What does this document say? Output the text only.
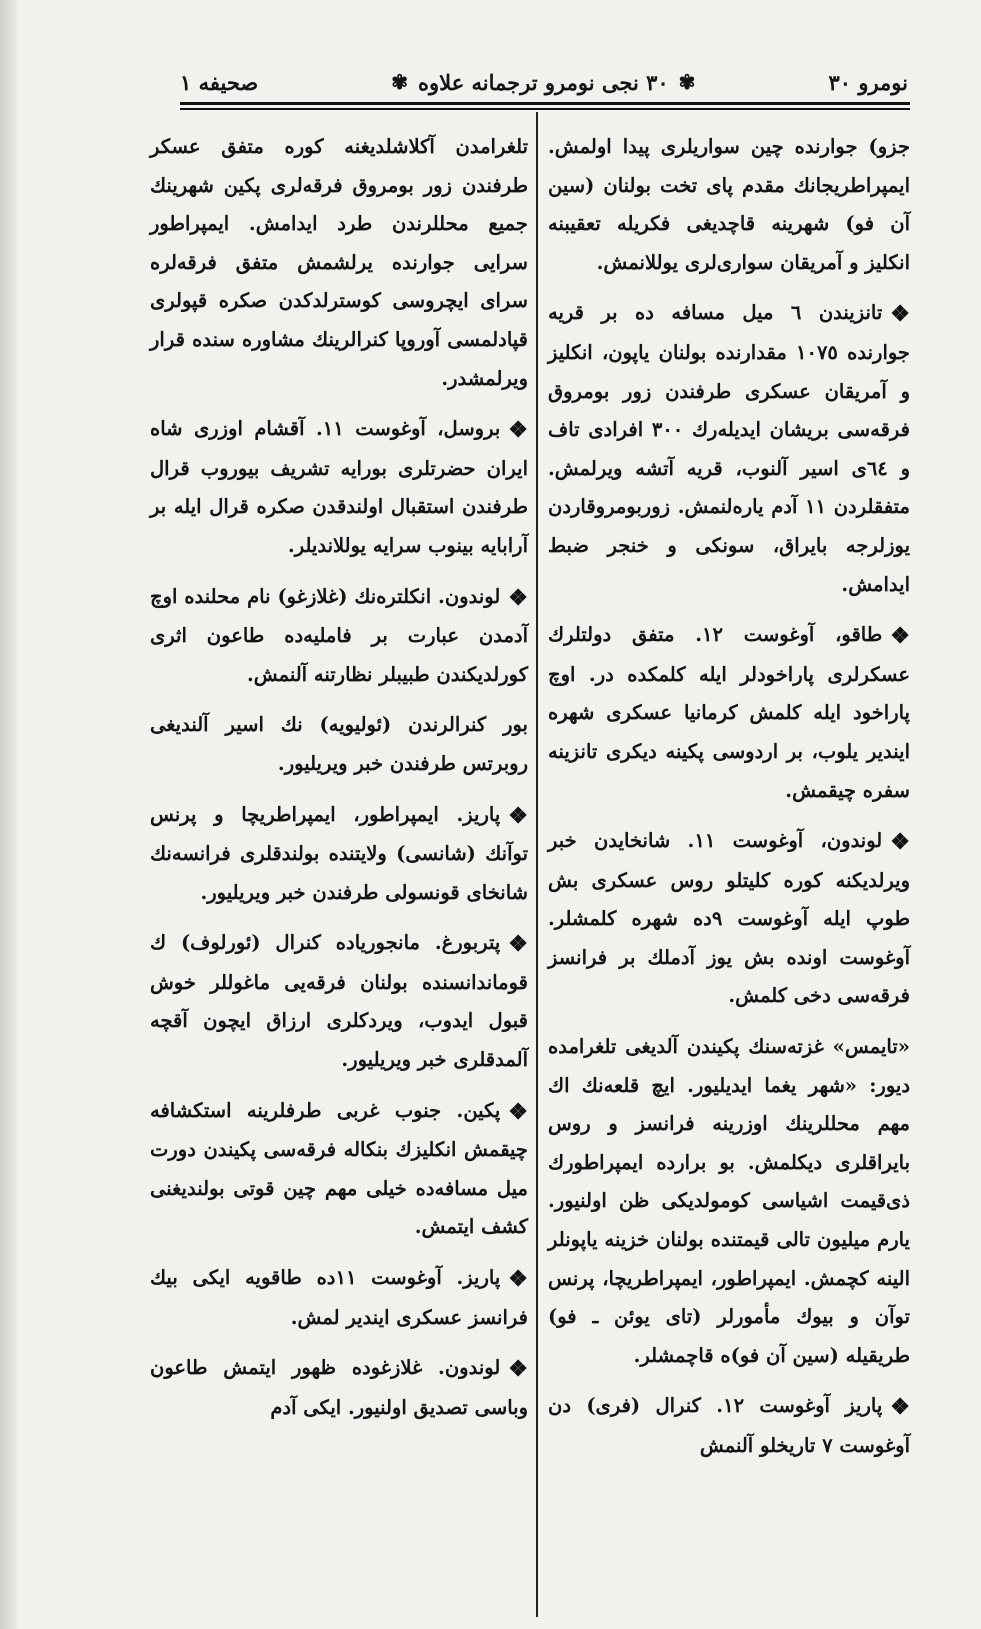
نومرو ٣٠
✾
٣٠ نجى نومرو ترجمانه علاوه
✾
صحيفه ١

جزو) جوارنده چين سواريلرى پيدا اولمش. ايمپراطريجانك مقدم پاى تخت بولنان (سين آن فو) شهرينه قاچديغى فكريله تعقيبنه انكليز و آمريقان سوارى‌لرى يوللانمش.

❖تانزيندن ٦ ميل مسافه ده بر قريه جوارنده ١٠٧٥ مقدارنده بولنان ياپون، انكليز و آمريقان عسكرى طرفندن زور بومروق فرقه‌سى بريشان ايديله‌رك ٣٠٠ افرادى تاف و ٦٤ى اسير آلنوب، قريه آتشه ويرلمش. متفقلردن ١١ آدم ياره‌لنمش. زوربومروقاردن يوزلرجه بايراق، سونكى و خنجر ضبط ايدامش.

❖طاقو، آوغوست ١٢. متفق دولتلرك عسكرلرى پاراخودلر ايله كلمكده در. اوچ پاراخود ايله كلمش كرمانيا عسكرى شهره ايندير يلوب، بر اردوسى پكينه ديكرى تانزينه سفره چيقمش.

❖لوندون، آوغوست ١١. شانخايدن خبر ويرلديكنه كوره كليتلو روس عسكرى بش طوپ ايله آوغوست ٩ده شهره كلمشلر. آوغوست اونده بش يوز آدملك بر فرانسز فرقه‌سى دخى كلمش.

«تايمس» غزته‌سنك پكيندن آلديغى تلغرامده ديور: «شهر يغما ايديليور. ايچ قلعه‌نك اك مهم محللرينك اوزرينه فرانسز و روس بايراقلرى ديكلمش. بو برارده ايمپراطورك ذى‌قيمت اشياسى كومولديكى ظن اولنيور. يارم ميليون تالى قيمتنده بولنان خزينه ياپونلر الينه كچمش. ايمپراطور، ايمپراطريچا، پرنس توآن و بيوك مأمورلر (تاى يوئن ـ فو) طريقيله (سين آن فو)ه قاچمشلر.

❖پاريز آوغوست ١٢. كنرال (فرى) دن آوغوست ٧ تاريخلو آلنمش

تلغرامدن آكلاشلديغنه كوره متفق عسكر طرفندن زور بومروق فرقه‌لرى پكين شهرينك جميع محللرندن طرد ايدامش. ايمپراطور سرايى جوارنده يرلشمش متفق فرقه‌لره سراى ايچروسى كوسترلدكدن صكره قپولرى قپادلمسى آوروپا كنرالرينك مشاوره سنده قرار ويرلمشدر.

❖بروسل، آوغوست ١١. آقشام اوزرى شاه ايران حضرتلرى بورايه تشريف بيوروب قرال طرفندن استقبال اولندقدن صكره قرال ايله بر آرابايه بينوب سرايه يوللانديلر.

❖لوندون. انكلتره‌نك (غلازغو) نام محلنده اوچ آدمدن عبارت بر فامليه‌ده طاعون اثرى كورلديكندن طبيبلر نظارتنه آلنمش.

بور كنرالرندن (ئوليويه) نك اسير آلنديغى روبرتس طرفندن خبر ويريليور.

❖پاريز. ايمپراطور، ايمپراطريچا و پرنس توآنك (شانسى) ولايتنده بولندقلرى فرانسه‌نك شانخاى قونسولى طرفندن خبر ويريليور.

❖پتربورغ. مانجورياده كنرال (ئورلوف) ك قوماندانسنده بولنان فرقه‌يى ماغوللر خوش قبول ايدوب، ويردكلرى ارزاق ايچون آقچه آلمدقلرى خبر ويريليور.

❖پكين. جنوب غربى طرفلرينه استكشافه چيقمش انكليزك بنكاله فرقه‌سى پكيندن دورت ميل مسافه‌ده خيلى مهم چين قوتى بولنديغنى كشف ايتمش.

❖پاريز. آوغوست ١١ده طاقويه ايكى بيك فرانسز عسكرى ايندير لمش.

❖لوندون. غلازغوده ظهور ايتمش طاعون وباسى تصديق اولنيور. ايكى آدم
